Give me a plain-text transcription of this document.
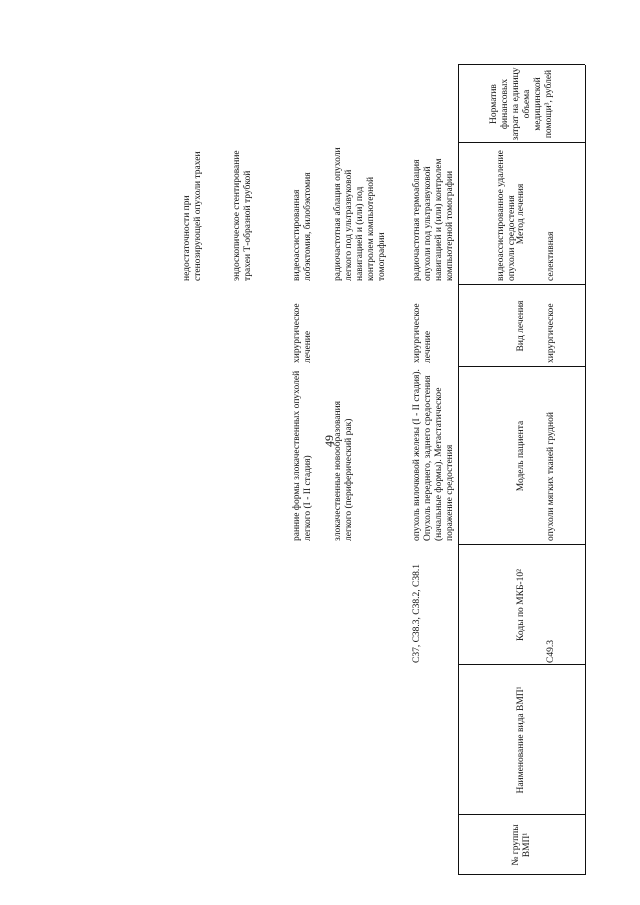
49
№ группы ВМП¹
Наименование вида ВМП¹
Коды по МКБ-10²
Модель пациента
Вид лечения
Метод лечения
Норматив финансовых затрат на единицу объема медицинской помощи³, рублей
недостаточности при стенозирующей опухоли трахеи	эндоскопическое стентирование трахеи Т-образной трубкой
ранние формы злокачественных опухолей легкого (I - II стадия)
хирургическое лечение
видеоассистированная лобэктомия, билобэктомия
злокачественные новообразования легкого (периферический рак)
радиочастотная аблация опухоли легкого под ультразвуковой навигацией и (или) под контролем компьютерной томографии
C37, C38.3, C38.2, C38.1
опухоль вилочковой железы (I - II стадия). Опухоль переднего, заднего средостения (начальные формы). Метастатическое поражение средостения
хирургическое лечение
радиочастотная термоаблация опухоли под ультразвуковой навигацией и (или) контролем компьютерной томографии	видеоассистированное удаление опухоли средостения
C49.3
опухоли мягких тканей грудной
хирургическое
селективная
